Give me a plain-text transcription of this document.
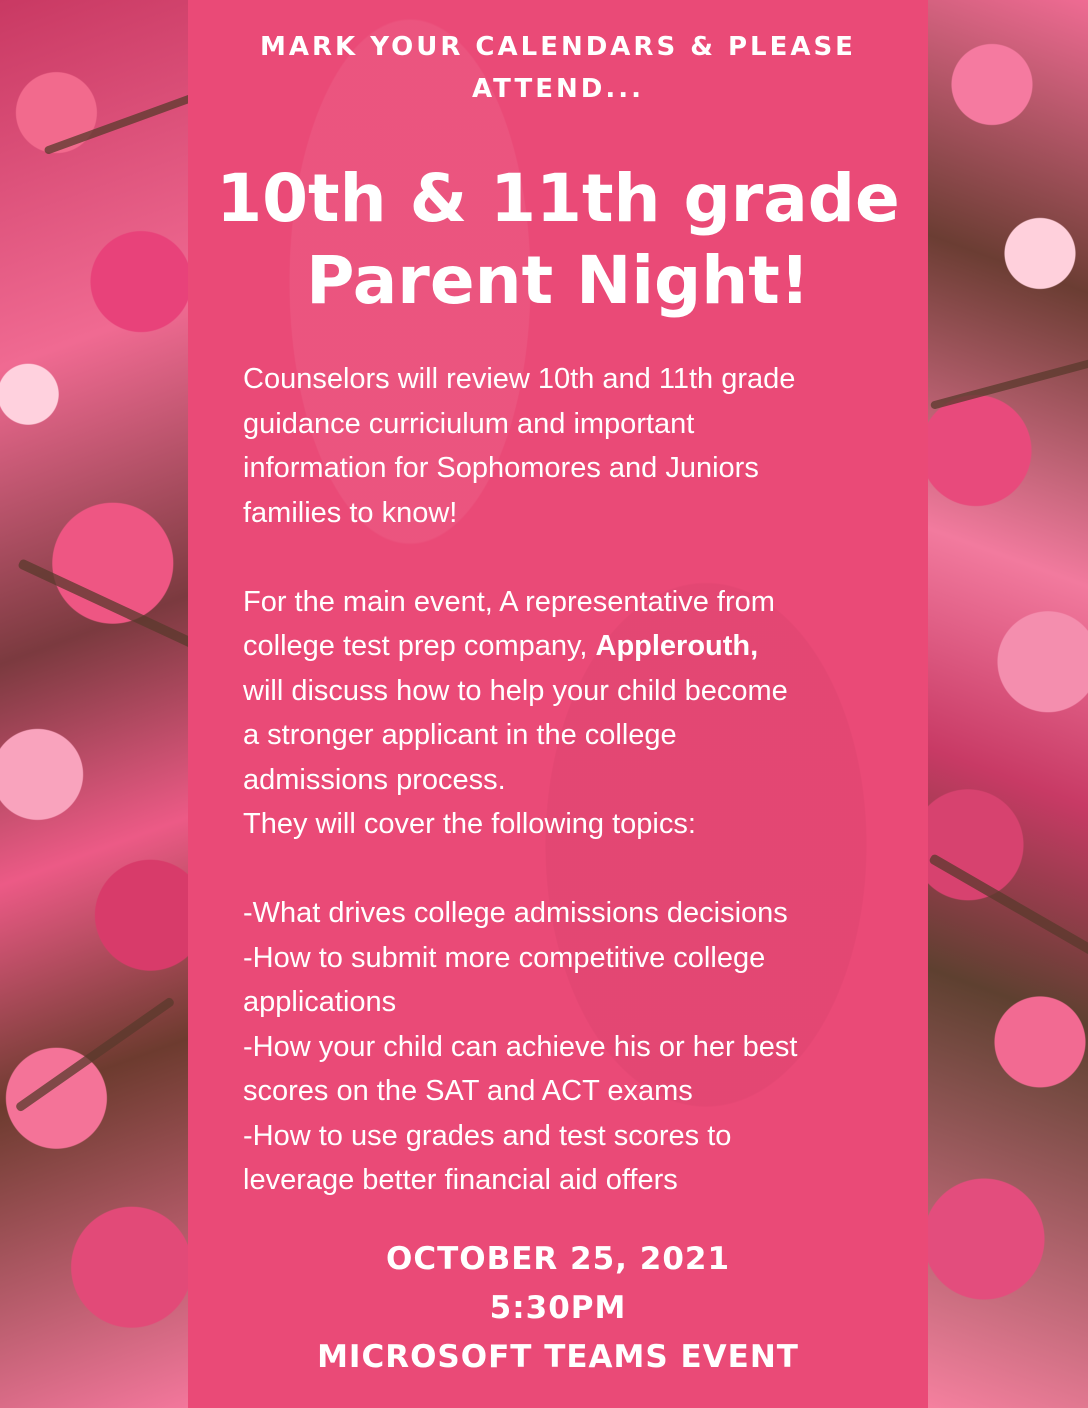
MARK YOUR CALENDARS & PLEASE
ATTEND...
10th & 11th grade
Parent Night!

Counselors will review 10th and 11th grade

guidance curriciulum and important

information for Sophomores and Juniors

families to know!

For the main event, A representative from

college test prep company, Applerouth,

will discuss how to help your child become

a stronger applicant in the college

admissions process.

They will cover the following topics:

-What drives college admissions decisions

-How to submit more competitive college

applications

-How your child can achieve his or her best

scores on the SAT and ACT exams

-How to use grades and test scores to

leverage better financial aid offers

OCTOBER 25, 2021
5:30PM
MICROSOFT TEAMS EVENT
